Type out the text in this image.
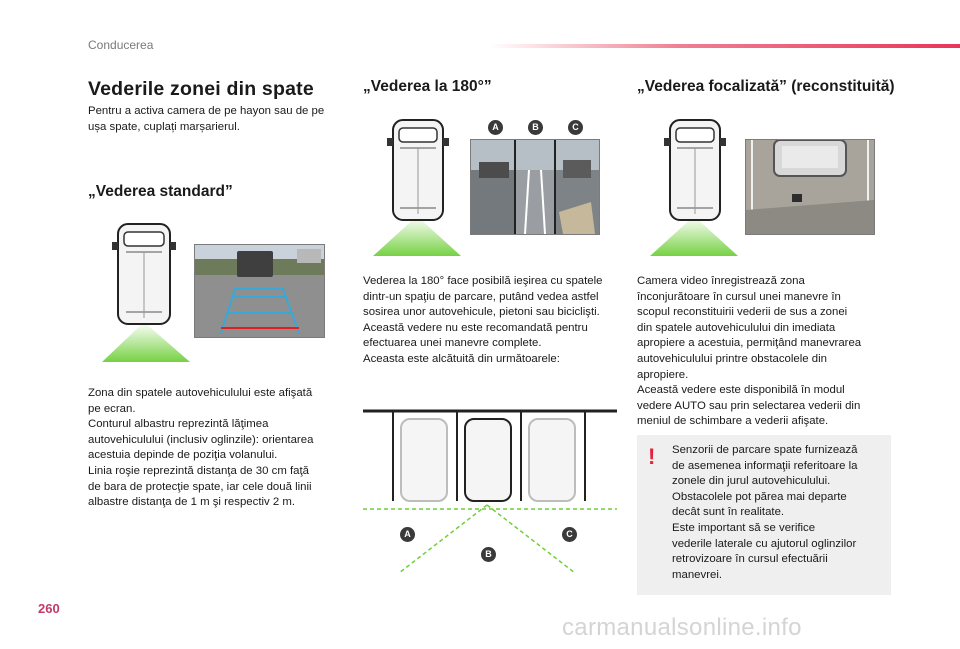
Conducerea
Vederile zonei din spate
Pentru a activa camera de pe hayon sau de pe
ușa spate, cuplați marșarierul.
„Vederea standard”
Zona din spatele autovehiculului este afişată
pe ecran.
Conturul albastru reprezintă lăţimea
autovehiculului (inclusiv oglinzile): orientarea
acestuia depinde de poziţia volanului.
Linia roşie reprezintă distanţa de 30 cm faţă
de bara de protecţie spate, iar cele două linii
albastre distanţa de 1 m şi respectiv 2 m.
„Vederea la 180°”
A	B	C
Vederea la 180° face posibilă ieşirea cu spatele
dintr-un spaţiu de parcare, putând vedea astfel
sosirea unor autovehicule, pietoni sau biciclişti.
Această vedere nu este recomandată pentru
efectuarea unei manevre complete.
Aceasta este alcătuită din următoarele:
A
B
C
„Vederea focalizată” (reconstituită)
Camera video înregistrează zona
înconjurătoare în cursul unei manevre în
scopul reconstituirii vederii de sus a zonei
din spatele autovehiculului din imediata
apropiere a acestuia, permiţând manevrarea
autovehiculului printre obstacolele din
apropiere.
Această vedere este disponibilă în modul
vedere AUTO sau prin selectarea vederii din
meniul de schimbare a vederii afişate.
!	Senzorii de parcare spate furnizează
de asemenea informaţii referitoare la
zonele din jurul autovehiculului.
Obstacolele pot părea mai departe
decât sunt în realitate.
Este important să se verifice
vederile laterale cu ajutorul oglinzilor
retrovizoare în cursul efectuării
manevrei.
260
carmanualsonline.info
